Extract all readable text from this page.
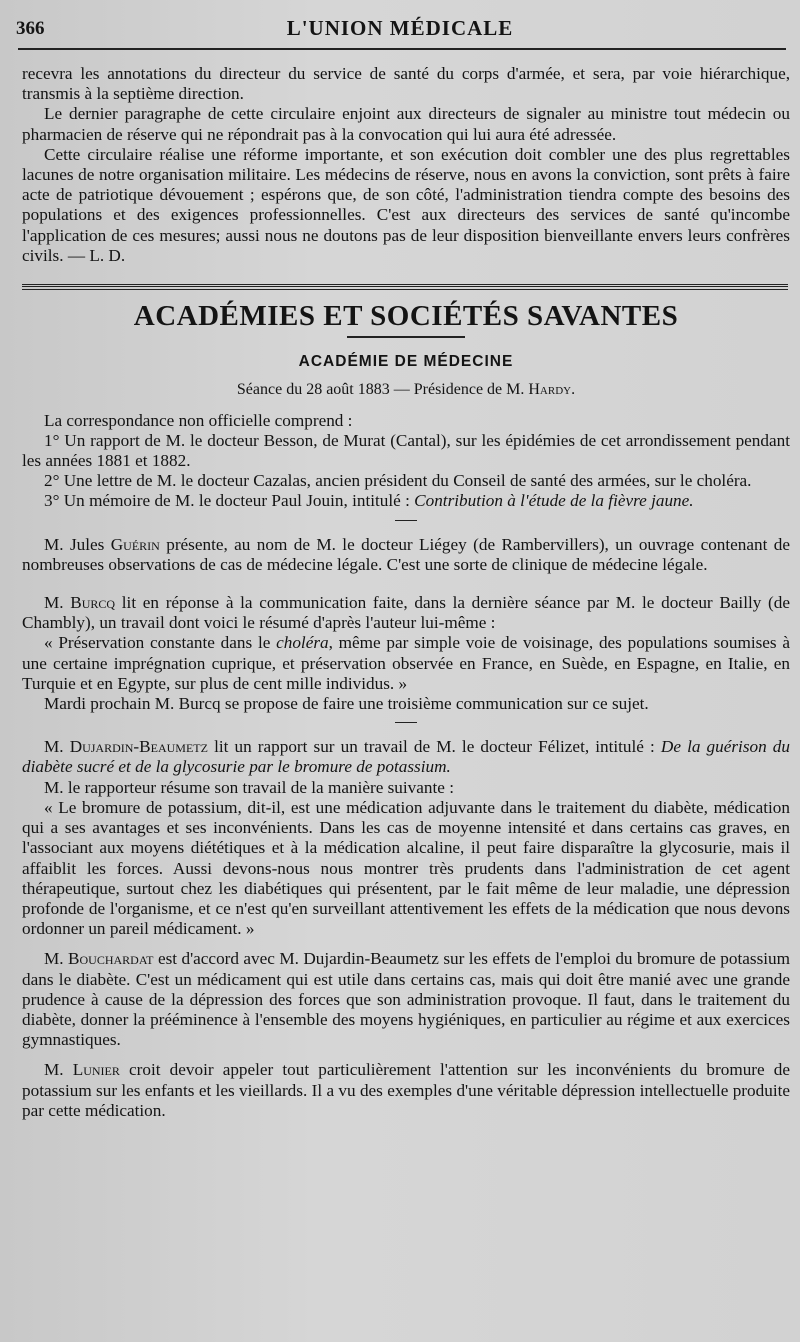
366	L'UNION MÉDICALE

recevra les annotations du directeur du service de santé du corps d'armée, et sera, par voie hiérarchique, transmis à la septième direction.

Le dernier paragraphe de cette circulaire enjoint aux directeurs de signaler au ministre tout médecin ou pharmacien de réserve qui ne répondrait pas à la convocation qui lui aura été adressée.

Cette circulaire réalise une réforme importante, et son exécution doit combler une des plus regrettables lacunes de notre organisation militaire. Les médecins de réserve, nous en avons la conviction, sont prêts à faire acte de patriotique dévouement ; espérons que, de son côté, l'administration tiendra compte des besoins des populations et des exigences professionnelles. C'est aux directeurs des services de santé qu'incombe l'application de ces mesures; aussi nous ne doutons pas de leur disposition bienveillante envers leurs confrères civils. — L. D.

ACADÉMIES ET SOCIÉTÉS SAVANTES
ACADÉMIE DE MÉDECINE
Séance du 28 août 1883 — Présidence de M. Hardy.

La correspondance non officielle comprend :

1° Un rapport de M. le docteur Besson, de Murat (Cantal), sur les épidémies de cet arrondissement pendant les années 1881 et 1882.

2° Une lettre de M. le docteur Cazalas, ancien président du Conseil de santé des armées, sur le choléra.

3° Un mémoire de M. le docteur Paul Jouin, intitulé : Contribution à l'étude de la fièvre jaune.

M. Jules Guérin présente, au nom de M. le docteur Liégey (de Rambervillers), un ouvrage contenant de nombreuses observations de cas de médecine légale. C'est une sorte de clinique de médecine légale.

M. Burcq lit en réponse à la communication faite, dans la dernière séance par M. le docteur Bailly (de Chambly), un travail dont voici le résumé d'après l'auteur lui-même :

« Préservation constante dans le choléra, même par simple voie de voisinage, des populations soumises à une certaine imprégnation cuprique, et préservation observée en France, en Suède, en Espagne, en Italie, en Turquie et en Egypte, sur plus de cent mille individus. »

Mardi prochain M. Burcq se propose de faire une troisième communication sur ce sujet.

M. Dujardin-Beaumetz lit un rapport sur un travail de M. le docteur Félizet, intitulé : De la guérison du diabète sucré et de la glycosurie par le bromure de potassium.

M. le rapporteur résume son travail de la manière suivante :

« Le bromure de potassium, dit-il, est une médication adjuvante dans le traitement du diabète, médication qui a ses avantages et ses inconvénients. Dans les cas de moyenne intensité et dans certains cas graves, en l'associant aux moyens diététiques et à la médication alcaline, il peut faire disparaître la glycosurie, mais il affaiblit les forces. Aussi devons-nous nous montrer très prudents dans l'administration de cet agent thérapeutique, surtout chez les diabétiques qui présentent, par le fait même de leur maladie, une dépression profonde de l'organisme, et ce n'est qu'en surveillant attentivement les effets de la médication que nous devons ordonner un pareil médicament. »

M. Bouchardat est d'accord avec M. Dujardin-Beaumetz sur les effets de l'emploi du bromure de potassium dans le diabète. C'est un médicament qui est utile dans certains cas, mais qui doit être manié avec une grande prudence à cause de la dépression des forces que son administration provoque. Il faut, dans le traitement du diabète, donner la prééminence à l'ensemble des moyens hygiéniques, en particulier au régime et aux exercices gymnastiques.

M. Lunier croit devoir appeler tout particulièrement l'attention sur les inconvénients du bromure de potassium sur les enfants et les vieillards. Il a vu des exemples d'une véritable dépression intellectuelle produite par cette médication.
